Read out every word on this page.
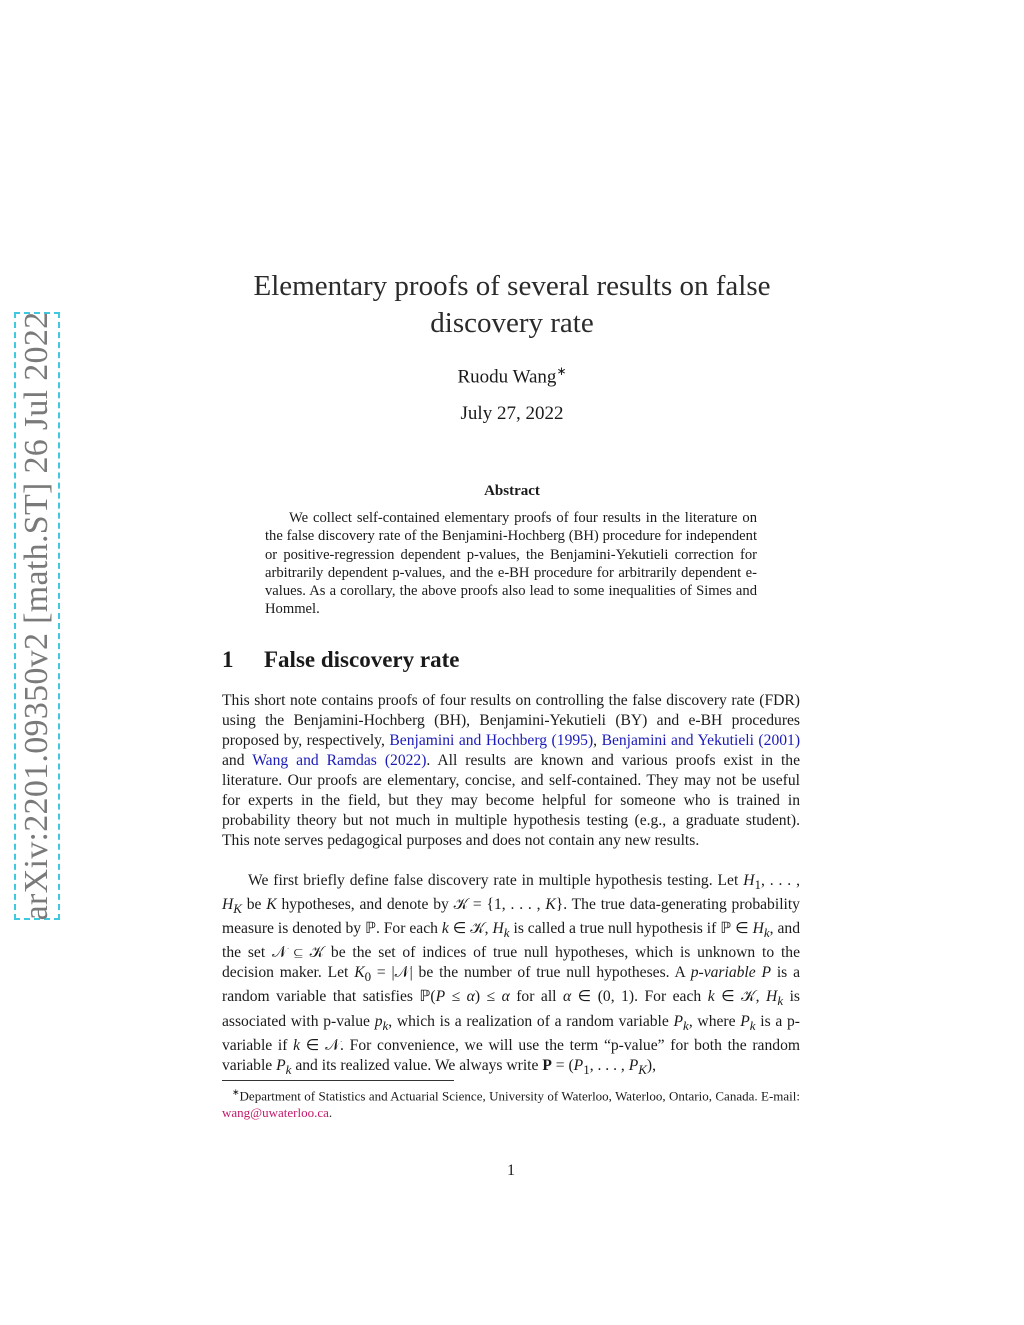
arXiv:2201.09350v2 [math.ST] 26 Jul 2022
Elementary proofs of several results on false
discovery rate
Ruodu Wang∗
July 27, 2022
Abstract

We collect self-contained elementary proofs of four results in the literature on the false discovery rate of the Benjamini-Hochberg (BH) procedure for independent or positive-regression dependent p-values, the Benjamini-Yekutieli correction for arbitrarily dependent p-values, and the e-BH procedure for arbitrarily dependent e-values. As a corollary, the above proofs also lead to some inequalities of Simes and Hommel.

1 False discovery rate

This short note contains proofs of four results on controlling the false discovery rate (FDR) using the Benjamini-Hochberg (BH), Benjamini-Yekutieli (BY) and e-BH procedures proposed by, respectively, Benjamini and Hochberg (1995), Benjamini and Yekutieli (2001) and Wang and Ramdas (2022). All results are known and various proofs exist in the literature. Our proofs are elementary, concise, and self-contained. They may not be useful for experts in the field, but they may become helpful for someone who is trained in probability theory but not much in multiple hypothesis testing (e.g., a graduate student). This note serves pedagogical purposes and does not contain any new results.

We first briefly define false discovery rate in multiple hypothesis testing. Let $H_1$, . . . , $H_K$ be K hypotheses, and denote by 𝒦 = {1, . . . , K}. The true data-generating probability measure is denoted by ℙ. For each k ∈ 𝒦, $H_k$ is called a true null hypothesis if ℙ ∈ $H_k$, and the set 𝒩 ⊆ 𝒦 be the set of indices of true null hypotheses, which is unknown to the decision maker. Let $K_0$ = |𝒩| be the number of true null hypotheses. A p-variable P is a random variable that satisfies ℙ(P ≤ α) ≤ α for all α ∈ (0, 1). For each k ∈ 𝒦, $H_k$ is associated with p-value $p_k$, which is a realization of a random variable $P_k$, where $P_k$ is a p-variable if k ∈ 𝒩. For convenience, we will use the term “p-value” for both the random variable $P_k$ and its realized value. We always write $P = (P_1$, . . . , $P_K$),

∗Department of Statistics and Actuarial Science, University of Waterloo, Waterloo, Ontario, Canada. E-mail: wang@uwaterloo.ca.

1
